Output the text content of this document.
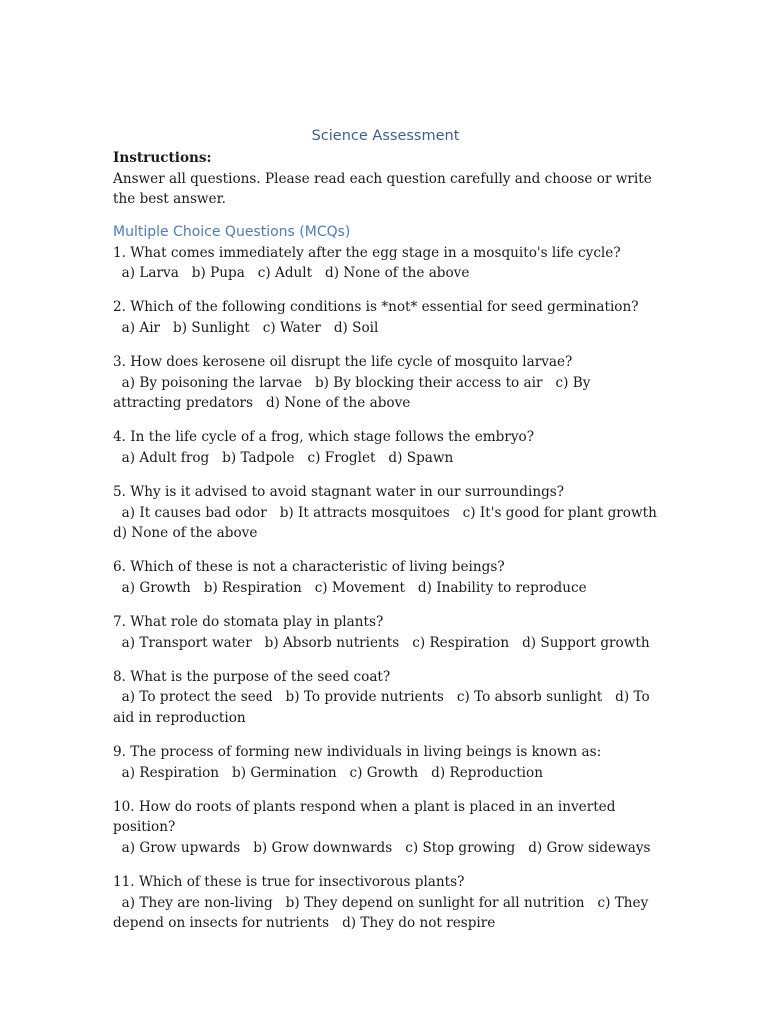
Science Assessment

Instructions:

Answer all questions. Please read each question carefully and choose or write the best answer.

Multiple Choice Questions (MCQs)

1. What comes immediately after the egg stage in a mosquito's life cycle?

a) Larva   b) Pupa   c) Adult   d) None of the above

2. Which of the following conditions is *not* essential for seed germination?

a) Air   b) Sunlight   c) Water   d) Soil

3. How does kerosene oil disrupt the life cycle of mosquito larvae?

a) By poisoning the larvae   b) By blocking their access to air   c) By attracting predators   d) None of the above

4. In the life cycle of a frog, which stage follows the embryo?

a) Adult frog   b) Tadpole   c) Froglet   d) Spawn

5. Why is it advised to avoid stagnant water in our surroundings?

a) It causes bad odor   b) It attracts mosquitoes   c) It's good for plant growth   d) None of the above

6. Which of these is not a characteristic of living beings?

a) Growth   b) Respiration   c) Movement   d) Inability to reproduce

7. What role do stomata play in plants?

a) Transport water   b) Absorb nutrients   c) Respiration   d) Support growth

8. What is the purpose of the seed coat?

a) To protect the seed   b) To provide nutrients   c) To absorb sunlight   d) To aid in reproduction

9. The process of forming new individuals in living beings is known as:

a) Respiration   b) Germination   c) Growth   d) Reproduction

10. How do roots of plants respond when a plant is placed in an inverted position?

a) Grow upwards   b) Grow downwards   c) Stop growing   d) Grow sideways

11. Which of these is true for insectivorous plants?

a) They are non-living   b) They depend on sunlight for all nutrition   c) They depend on insects for nutrients   d) They do not respire
